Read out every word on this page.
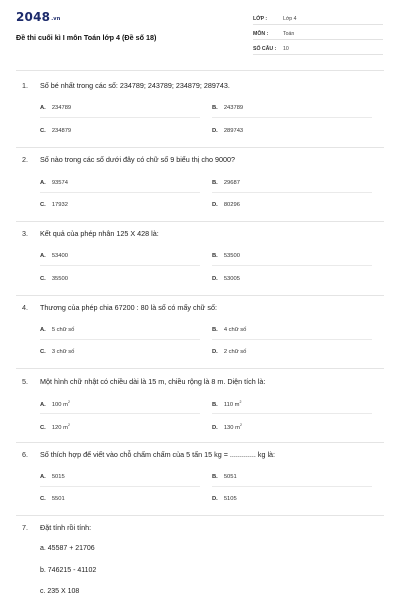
2048.vn
Đề thi cuối kì I môn Toán lớp 4 (Đề số 18)
LỚP :	Lớp 4
MÔN :	Toán
SỐ CÂU : 10
1. Số bé nhất trong các số: 234789; 243789; 234879; 289743.
A. 234789	B. 243789
C. 234879	D. 289743
2. Số nào trong các số dưới đây có chữ số 9 biểu thị cho 9000?
A. 93574	B. 29687
C. 17932	D. 80296
3. Kết quả của phép nhân 125 X 428 là:
A. 53400	B. 53500
C. 35500	D. 53005
4. Thương của phép chia 67200 : 80 là số có mấy chữ số:
A. 5 chữ số	B. 4 chữ số
C. 3 chữ số	D. 2 chữ số
5. Một hình chữ nhật có chiều dài là 15 m, chiều rộng là 8 m. Diện tích là:
A. 100 $m^2$	B. 110 $m^2$
C. 120 $m^2$	D. 130 $m^2$
6. Số thích hợp để viết vào chỗ chấm chấm của 5 tấn 15 kg = ............. kg là:
A. 5015	B. 5051
C. 5501	D. 5105
7. Đặt tính rồi tính:
a. 45587 + 21706
b. 746215 - 41102
c. 235 X 108
